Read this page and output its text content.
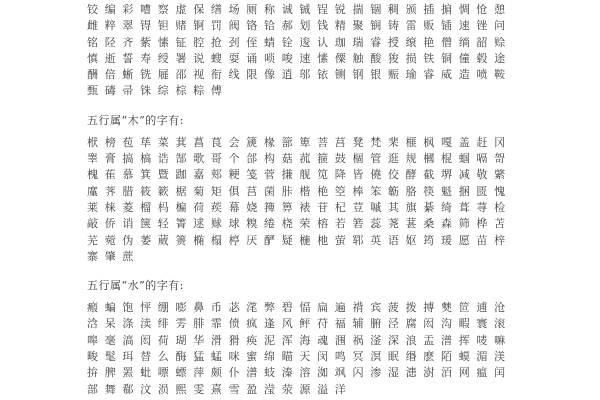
铰编彩嘈察虚保缮场厕称诚铖锃锐揣锢稠颁插掮惆怆憩
雌粹翠锝钽赌锕罚阀铬铪郝划钱精聚锎铸雷贩锸速锉问
铭陉齐紫愫钲腔抢刭侄蜻铨逡认珈瑞睿授缞艳僧绱韶赊
慎逝誓寿绶署说螋耍诵唢唆速愫僳触酸狻损铁铜僮毂途
酬倍蜥铣屣邵视衔线限像逍邬铱铡钢银赈瑜睿威造喷鞍
甄碡帚铢综棕粽傅
五行属“木”的字有:
栿榜苞荜菜萁菖茛会篪椽篰箄菩莒凳梵棐榧枫嘎盖赶冈
睾膏搞槁诰郜歌哥个郃构菇菰箍鼓棝管逛规槶棍蝈嗝哿
槐萑慕箕暨跏嘉郏粳笺菅搛舰笕降皆僥佼酵截堺减敬綮
廑荠腊筱簌椐菊矩俱莒菌胩楷栬箜棒笨簕胳筷魁捆匮愧
莱梾菱榴杩楄荷蒺幕娆篺箅裱苷杞荳嘁其旗綦绮葺荨检
敲侨诮箧轻箐逑赇球糗绻桡荣榕若箬蕊荛葚桑森筛桦苫
芜菀伪萎葳箦椭榻楟厌酽疑椸杝萤郓英语妪筠瑗愿苗梓
寨肇蔗
五行属“水”的字有:
瘢蝙饱怦绷嘭鼻币苾滗弊碧愊扁遍禙宾菠拨搏僰笸逋沧
浛呆涤渎绯雱腓霏偾疯逢风鲆苻福辅腑泾腐闳沟睱寰滚
嗥毫滈闳荷瑚华滑猾痪泥浑海魂涠祸滏深浪盂潽挥唛嘛
畯髦珥替么酶猛蜢咪蜜绵瞄天闵鸣冥溟眠缗麽陌蟆湄渼
拚脾罴蚍嘌螵萍颇仆潽蚑溱溶洳飒闪渗湿漶澍洦网瘟闰
部舞郗汶涢熙雯熹雪盈滢荥源溢洋
